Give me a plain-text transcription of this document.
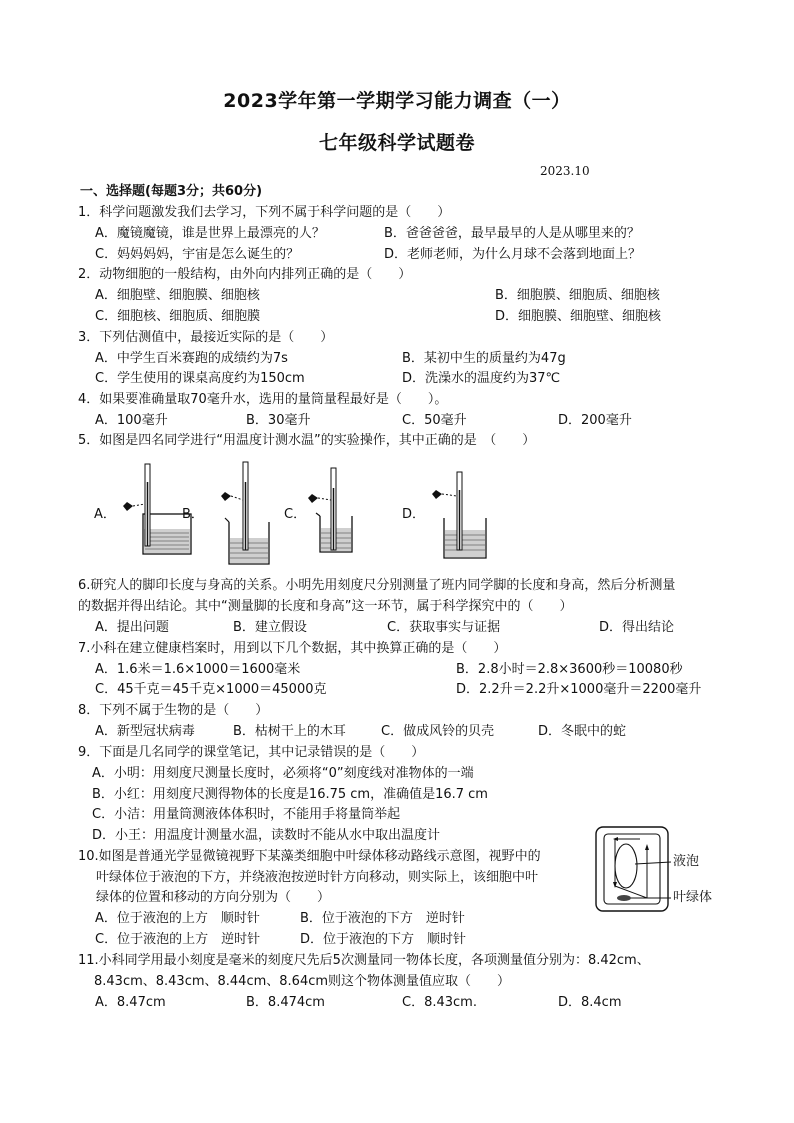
2023学年第一学期学习能力调查（一）
七年级科学试题卷
2023.10
一、选择题(每题3分；共60分)
1．科学问题激发我们去学习，下列不属于科学问题的是（　　）
A．魔镜魔镜，谁是世界上最漂亮的人？	B．爸爸爸爸，最早最早的人是从哪里来的？
C．妈妈妈妈，宇宙是怎么诞生的？	D．老师老师，为什么月球不会落到地面上？
2．动物细胞的一般结构，由外向内排列正确的是（　　）
A．细胞壁、细胞膜、细胞核	B．细胞膜、细胞质、细胞核
C．细胞核、细胞质、细胞膜	D．细胞膜、细胞壁、细胞核
3．下列估测值中，最接近实际的是（　　）
A．中学生百米赛跑的成绩约为7s	B．某初中生的质量约为47g
C．学生使用的课桌高度约为150cm	D．洗澡水的温度约为37℃
4．如果要准确量取70毫升水，选用的量筒量程最好是（　　）。
A．100毫升	B．30毫升	C．50毫升	D．200毫升
5．如图是四名同学进行“用温度计测水温”的实验操作，其中正确的是　（　　）
A．	B．	C．	D．
6.研究人的脚印长度与身高的关系。小明先用刻度尺分别测量了班内同学脚的长度和身高，然后分析测量
的数据并得出结论。其中“测量脚的长度和身高”这一环节，属于科学探究中的（　　）
A．提出问题	B．建立假设	C．获取事实与证据	D．得出结论
7.小科在建立健康档案时，用到以下几个数据，其中换算正确的是（　　）
A．1.6米＝1.6×1000＝1600毫米	B．2.8小时＝2.8×3600秒＝10080秒
C．45千克＝45千克×1000＝45000克	D．2.2升＝2.2升×1000毫升＝2200毫升
8．下列不属于生物的是（　　）
A．新型冠状病毒	B．枯树干上的木耳	C．做成风铃的贝壳	D．冬眠中的蛇
9．下面是几名同学的课堂笔记，其中记录错误的是（　　）
A．小明：用刻度尺测量长度时，必须将“0”刻度线对准物体的一端
B．小红：用刻度尺测得物体的长度是16.75 cm，准确值是16.7 cm
C．小洁：用量筒测液体体积时，不能用手将量筒举起
D．小王：用温度计测量水温，读数时不能从水中取出温度计
10.如图是普通光学显微镜视野下某藻类细胞中叶绿体移动路线示意图，视野中的
叶绿体位于液泡的下方，并绕液泡按逆时针方向移动，则实际上，该细胞中叶
绿体的位置和移动的方向分别为（　　）
A．位于液泡的上方　顺时针	B．位于液泡的下方　逆时针
C．位于液泡的上方　逆时针	D．位于液泡的下方　顺时针
液泡
叶绿体
11.小科同学用最小刻度是毫米的刻度尺先后5次测量同一物体长度，各项测量值分别为：8.42cm、
8.43cm、8.43cm、8.44cm、8.64cm则这个物体测量值应取（　　）
A．8.47cm	B．8.474cm	C．8.43cm.	D．8.4cm
